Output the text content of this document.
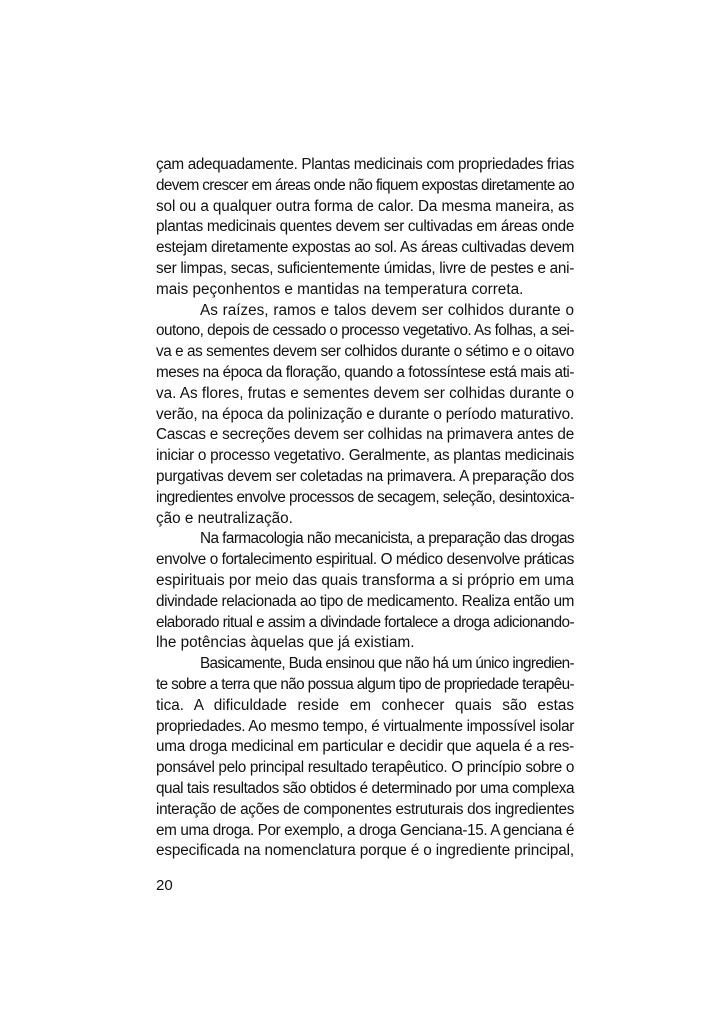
çam adequadamente. Plantas medicinais com propriedades frias
devem crescer em áreas onde não fiquem expostas diretamente ao
sol ou a qualquer outra forma de calor. Da mesma maneira, as
plantas medicinais quentes devem ser cultivadas em áreas onde
estejam diretamente expostas ao sol. As áreas cultivadas devem
ser limpas, secas, suficientemente úmidas, livre de pestes e ani-
mais peçonhentos e mantidas na temperatura correta.
As raízes, ramos e talos devem ser colhidos durante o
outono, depois de cessado o processo vegetativo. As folhas, a sei-
va e as sementes devem ser colhidos durante o sétimo e o oitavo
meses na época da floração, quando a fotossíntese está mais ati-
va. As flores, frutas e sementes devem ser colhidas durante o
verão, na época da polinização e durante o período maturativo.
Cascas e secreções devem ser colhidas na primavera antes de
iniciar o processo vegetativo. Geralmente, as plantas medicinais
purgativas devem ser coletadas na primavera. A preparação dos
ingredientes envolve processos de secagem, seleção, desintoxica-
ção e neutralização.
Na farmacologia não mecanicista, a preparação das drogas
envolve o fortalecimento espiritual. O médico desenvolve práticas
espirituais por meio das quais transforma a si próprio em uma
divindade relacionada ao tipo de medicamento. Realiza então um
elaborado ritual e assim a divindade fortalece a droga adicionando-
lhe potências àquelas que já existiam.
Basicamente, Buda ensinou que não há um único ingredien-
te sobre a terra que não possua algum tipo de propriedade terapêu-
tica. A dificuldade reside em conhecer quais são estas
propriedades. Ao mesmo tempo, é virtualmente impossível isolar
uma droga medicinal em particular e decidir que aquela é a res-
ponsável pelo principal resultado terapêutico. O princípio sobre o
qual tais resultados são obtidos é determinado por uma complexa
interação de ações de componentes estruturais dos ingredientes
em uma droga. Por exemplo, a droga Genciana-15. A genciana é
especificada na nomenclatura porque é o ingrediente principal,
20
